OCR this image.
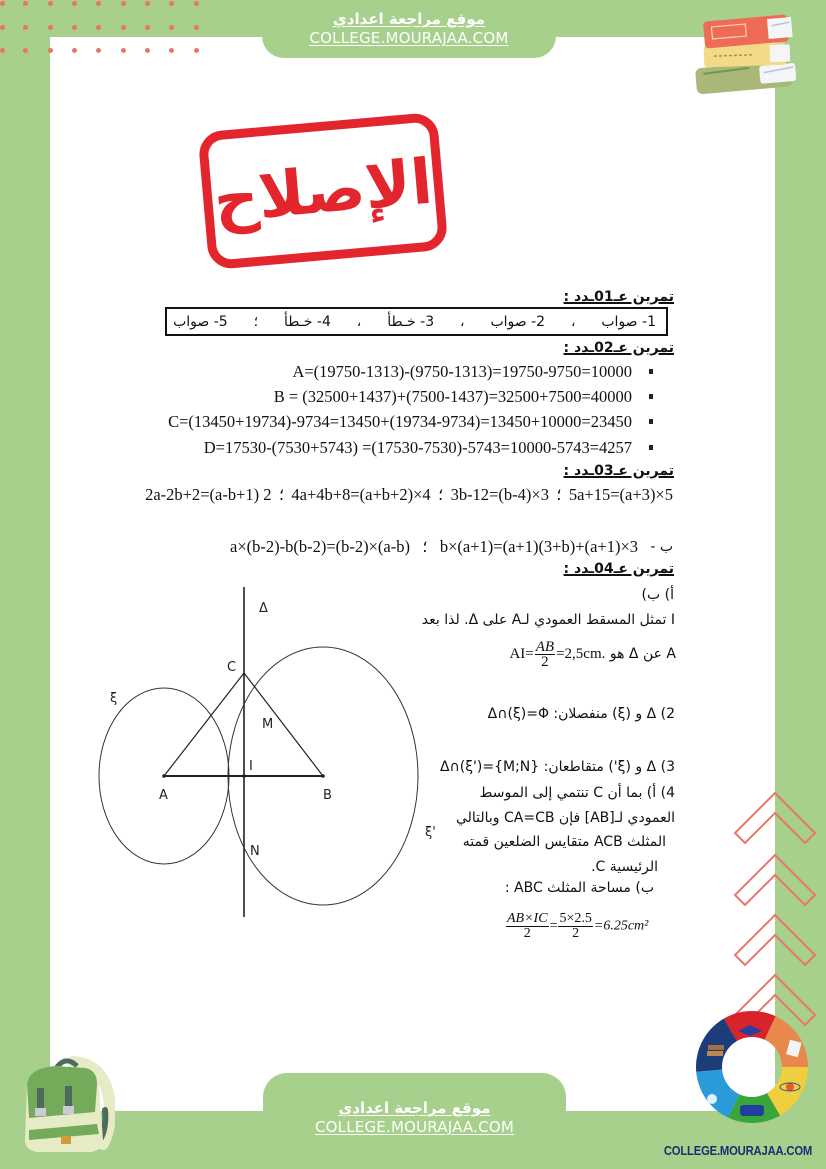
موقع مراجعة اعدادي
COLLEGE.MOURAJAA.COM
الإصلاح
تمرين عـ01ـدد :
1- صواب
،
2- صواب
،
3- خـطأ
،
4- خـطأ
؛
5- صواب
تمرين عـ02ـدد :
A=(19750-1313)-(9750-1313)=19750-9750=10000
B = (32500+1437)+(7500-1437)=32500+7500=40000
C=(13450+19734)-9734=13450+(19734-9734)=13450+10000=23450
D=17530-(7530+5743) =(17530-7530)-5743=10000-5743=4257
تمرين عـ03ـدد :
5×(a+3)=5a+15
؛
3×(b-4)=3b-12
؛
4×(a+b+2)=4a+4b+8
؛
2 (a-b+1)=2a-2b+2
ب -
3×(a+1)+b×(a+1)=(a+1)(3+b)
؛
a×(b-2)-b(b-2)=(b-2)×(a-b)
تمرين عـ04ـدد :
أ) ب)
I تمثل المسقط العمودي لـA على Δ. لذا بعد
A عن Δ هو $AI= \frac{AB}{2} =2,5cm$.
2) Δ و (ξ) منفصلان: Δ∩(ξ)=Φ
3) Δ و (ξ') متقاطعان: Δ∩(ξ')={M;N}
4) أ) بما أن C تنتمي إلى الموسط
العمودي لـ[AB] فإن CA=CB وبالتالي
المثلث ACB متقايس الضلعين قمته
الرئيسية C.
ب) مساحة المثلث ABC :
$\frac{AB\times IC}{2} = \frac{5\times 2.5}{2} =6.25cm^2$
Δ
C
ξ
M
I
A	B
N
ξ'
موقع مراجعة اعدادي
COLLEGE.MOURAJAA.COM
COLLEGE.MOURAJAA.COM
